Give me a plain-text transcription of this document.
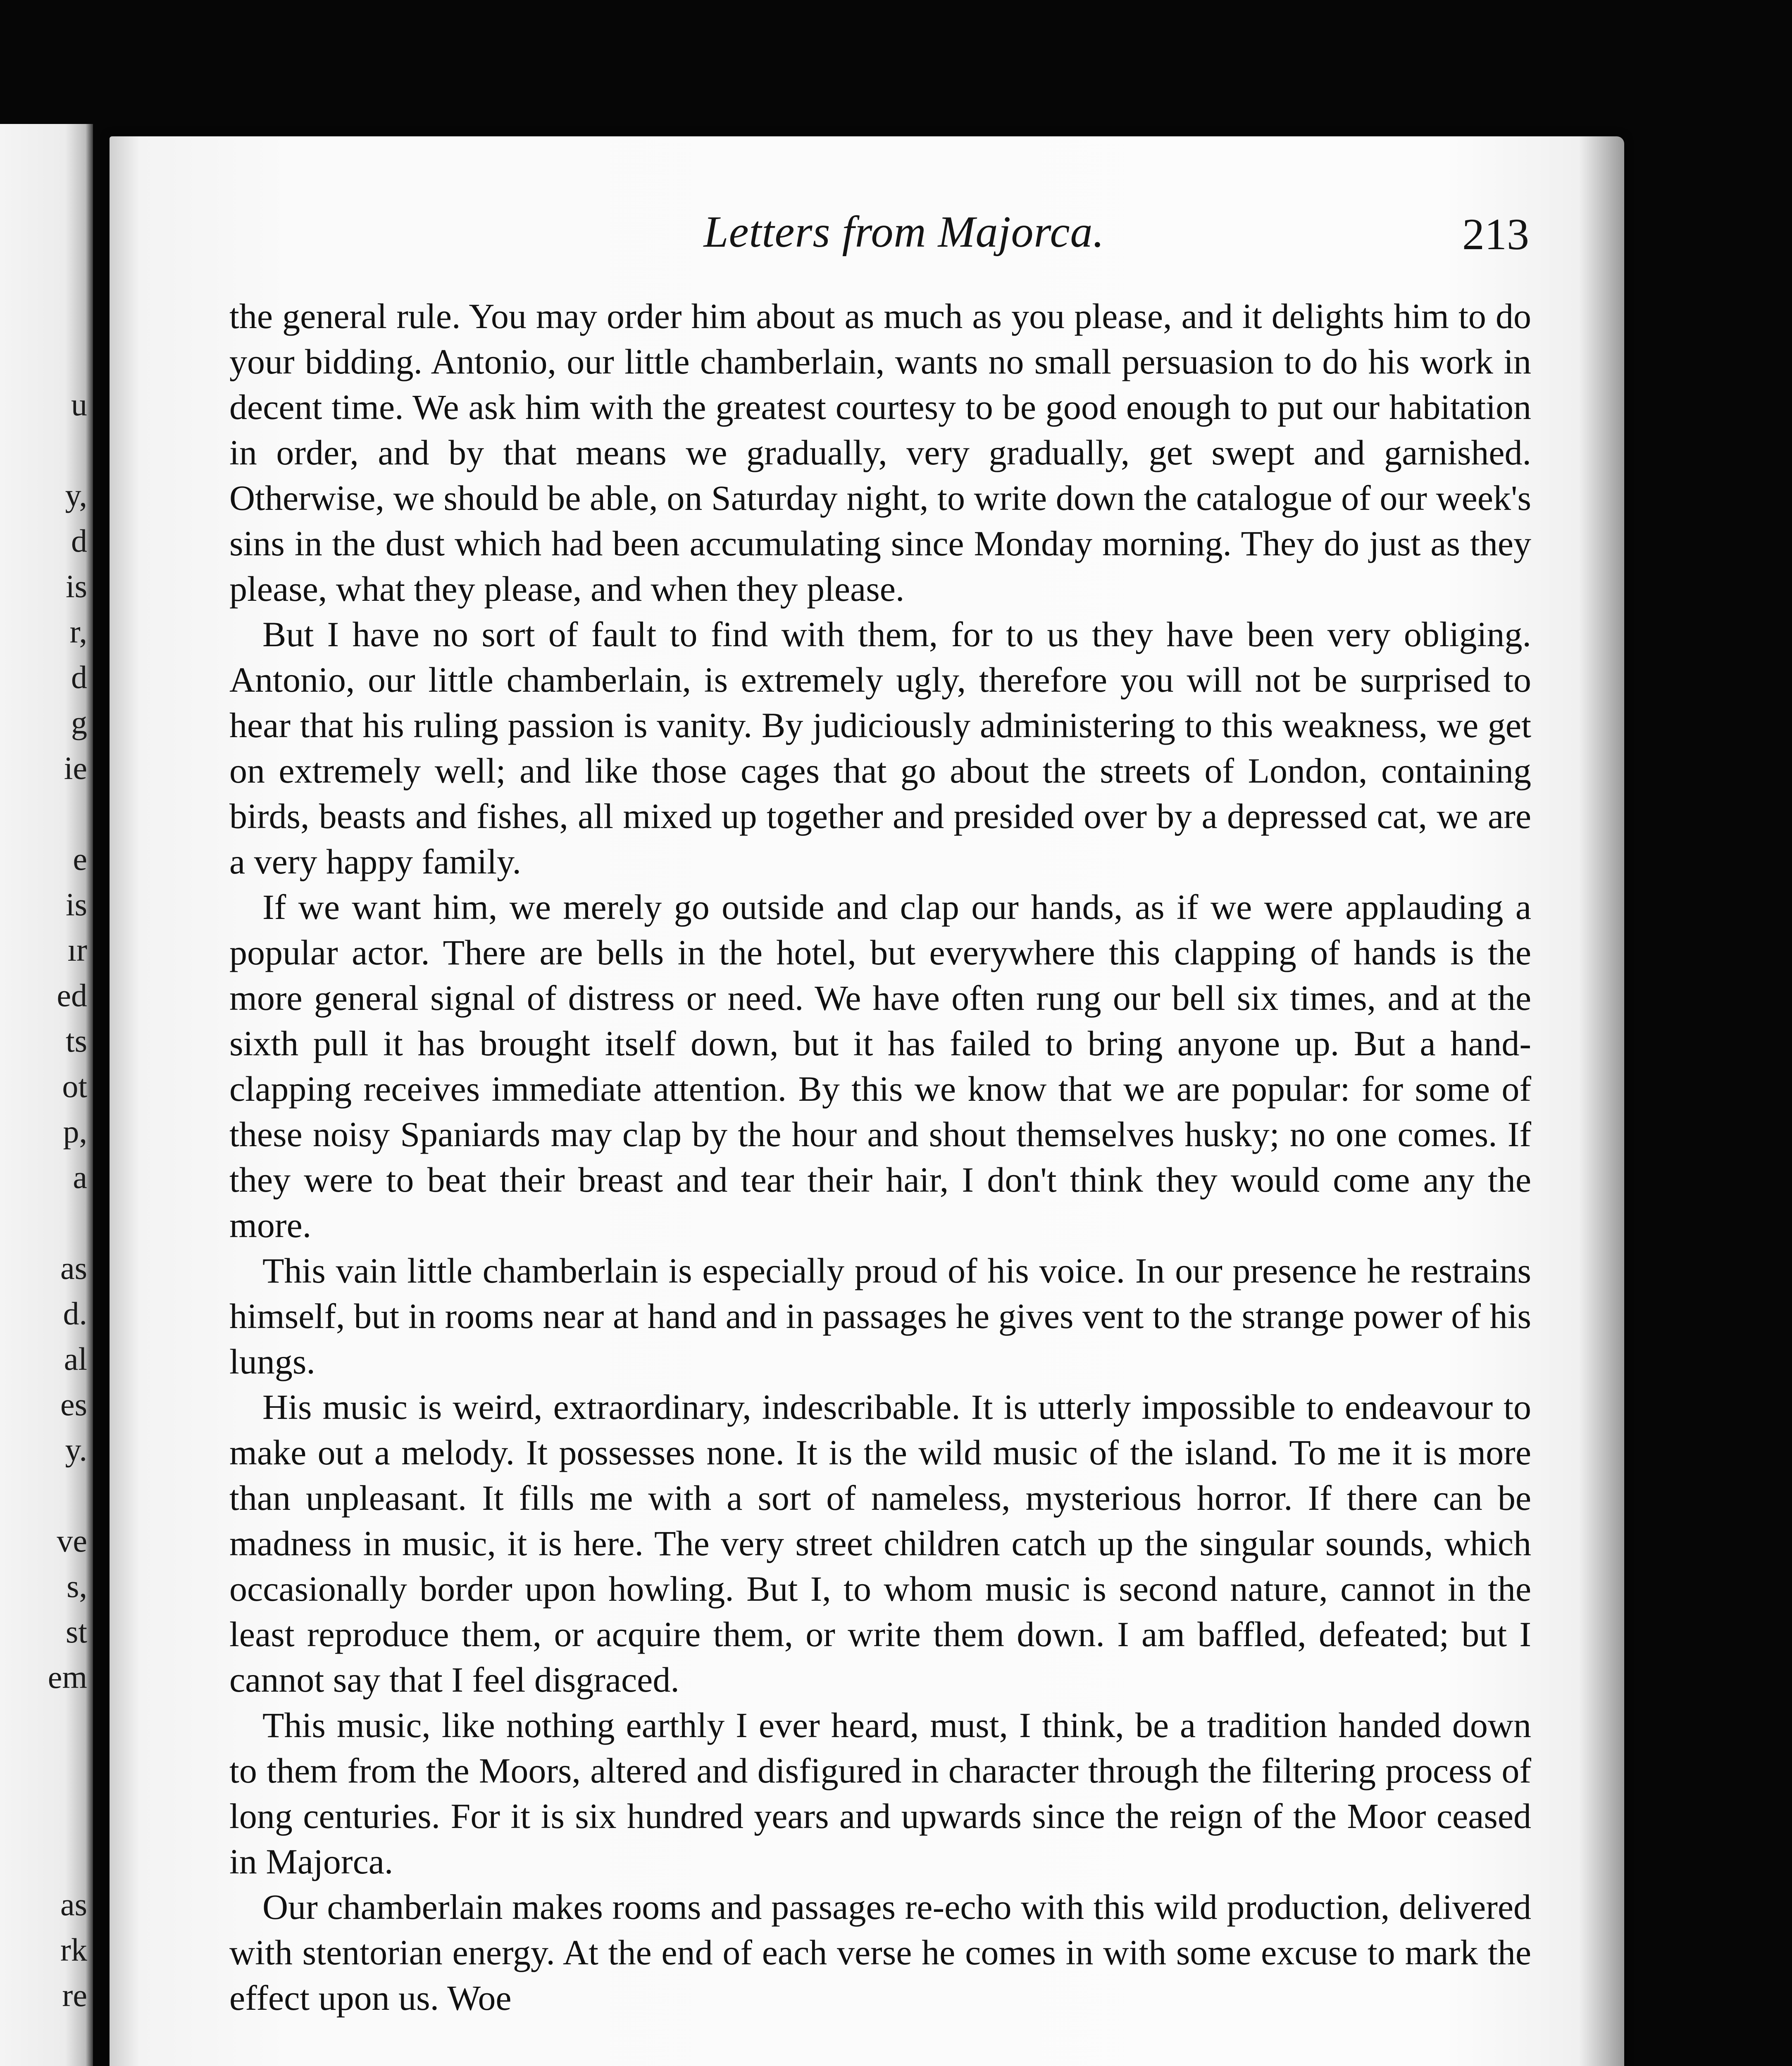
u
y,
d
is
r,
d
g
ie
e
is
ır
ed
ts
ot
p,
a
as
d.
al
es
y.
ve
s,
st
em
as
rk
re
Letters from Majorca.	213

the general rule. You may order him about as much as you please, and it delights him to do your bidding. Antonio, our little chamberlain, wants no small persuasion to do his work in decent time. We ask him with the greatest courtesy to be good enough to put our habitation in order, and by that means we gradually, very gradually, get swept and garnished. Otherwise, we should be able, on Saturday night, to write down the catalogue of our week's sins in the dust which had been accumulating since Monday morning. They do just as they please, what they please, and when they please.

But I have no sort of fault to find with them, for to us they have been very obliging. Antonio, our little chamberlain, is extremely ugly, therefore you will not be surprised to hear that his ruling passion is vanity. By judiciously administering to this weakness, we get on extremely well; and like those cages that go about the streets of London, containing birds, beasts and fishes, all mixed up together and presided over by a depressed cat, we are a very happy family.

If we want him, we merely go outside and clap our hands, as if we were applauding a popular actor. There are bells in the hotel, but everywhere this clapping of hands is the more general signal of distress or need. We have often rung our bell six times, and at the sixth pull it has brought itself down, but it has failed to bring anyone up. But a hand-clapping receives immediate attention. By this we know that we are popular: for some of these noisy Spaniards may clap by the hour and shout themselves husky; no one comes. If they were to beat their breast and tear their hair, I don't think they would come any the more.

This vain little chamberlain is especially proud of his voice. In our presence he restrains himself, but in rooms near at hand and in passages he gives vent to the strange power of his lungs.

His music is weird, extraordinary, indescribable. It is utterly impossible to endeavour to make out a melody. It possesses none. It is the wild music of the island. To me it is more than unpleasant. It fills me with a sort of nameless, mysterious horror. If there can be madness in music, it is here. The very street children catch up the singular sounds, which occasionally border upon howling. But I, to whom music is second nature, cannot in the least reproduce them, or acquire them, or write them down. I am baffled, defeated; but I cannot say that I feel disgraced.

This music, like nothing earthly I ever heard, must, I think, be a tradition handed down to them from the Moors, altered and disfigured in character through the filtering process of long centuries. For it is six hundred years and upwards since the reign of the Moor ceased in Majorca.

Our chamberlain makes rooms and passages re-echo with this wild production, delivered with stentorian energy. At the end of each verse he comes in with some excuse to mark the effect upon us. Woe
